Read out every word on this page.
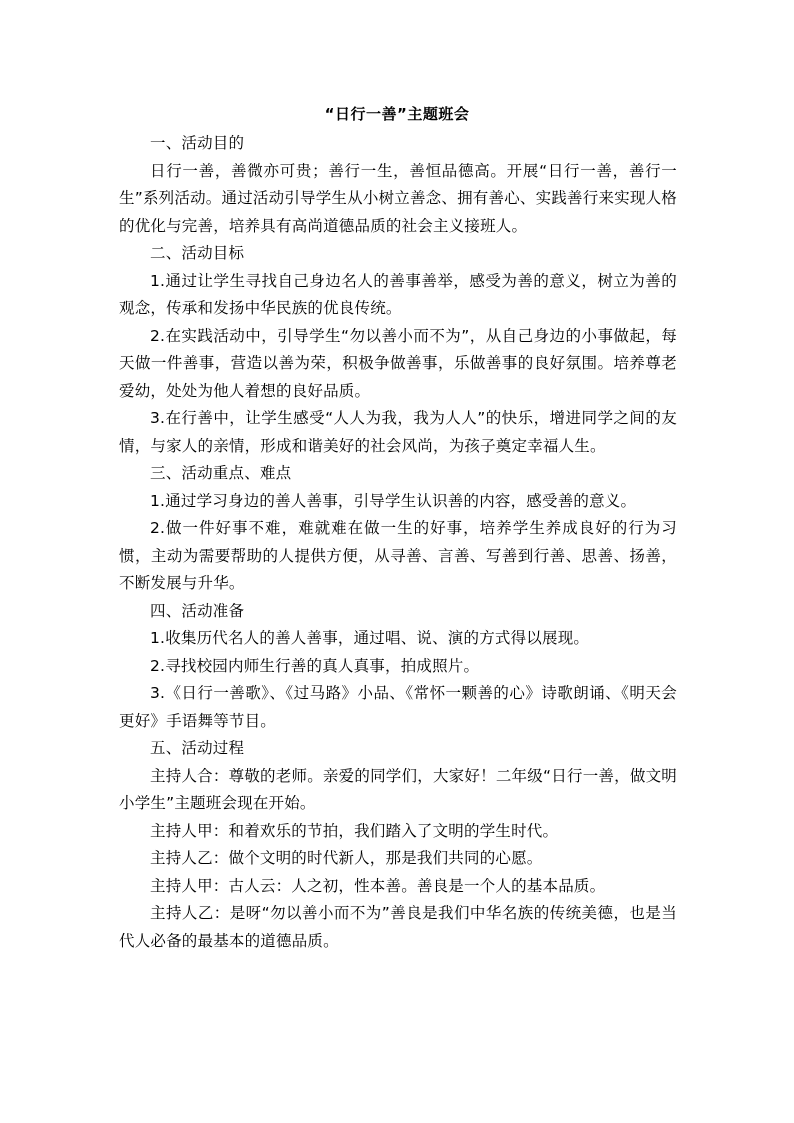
“日行一善”主题班会

一、活动目的

日行一善，善微亦可贵；善行一生，善恒品德高。开展“日行一善，善行一生”系列活动。通过活动引导学生从小树立善念、拥有善心、实践善行来实现人格的优化与完善，培养具有高尚道德品质的社会主义接班人。

二、活动目标

1.通过让学生寻找自己身边名人的善事善举，感受为善的意义，树立为善的观念，传承和发扬中华民族的优良传统。

2.在实践活动中，引导学生“勿以善小而不为”，从自己身边的小事做起，每天做一件善事，营造以善为荣，积极争做善事，乐做善事的良好氛围。培养尊老爱幼，处处为他人着想的良好品质。

3.在行善中，让学生感受“人人为我，我为人人”的快乐，增进同学之间的友情，与家人的亲情，形成和谐美好的社会风尚，为孩子奠定幸福人生。

三、活动重点、难点

1.通过学习身边的善人善事，引导学生认识善的内容，感受善的意义。

2.做一件好事不难，难就难在做一生的好事，培养学生养成良好的行为习惯，主动为需要帮助的人提供方便，从寻善、言善、写善到行善、思善、扬善，不断发展与升华。

四、活动准备

1.收集历代名人的善人善事，通过唱、说、演的方式得以展现。

2.寻找校园内师生行善的真人真事，拍成照片。

3.《日行一善歌》、《过马路》小品、《常怀一颗善的心》诗歌朗诵、《明天会更好》手语舞等节目。

五、活动过程

主持人合：尊敬的老师。亲爱的同学们，大家好！二年级“日行一善，做文明小学生”主题班会现在开始。

主持人甲：和着欢乐的节拍，我们踏入了文明的学生时代。

主持人乙：做个文明的时代新人，那是我们共同的心愿。

主持人甲：古人云：人之初，性本善。善良是一个人的基本品质。

主持人乙：是呀“勿以善小而不为”善良是我们中华名族的传统美德，也是当代人必备的最基本的道德品质。
